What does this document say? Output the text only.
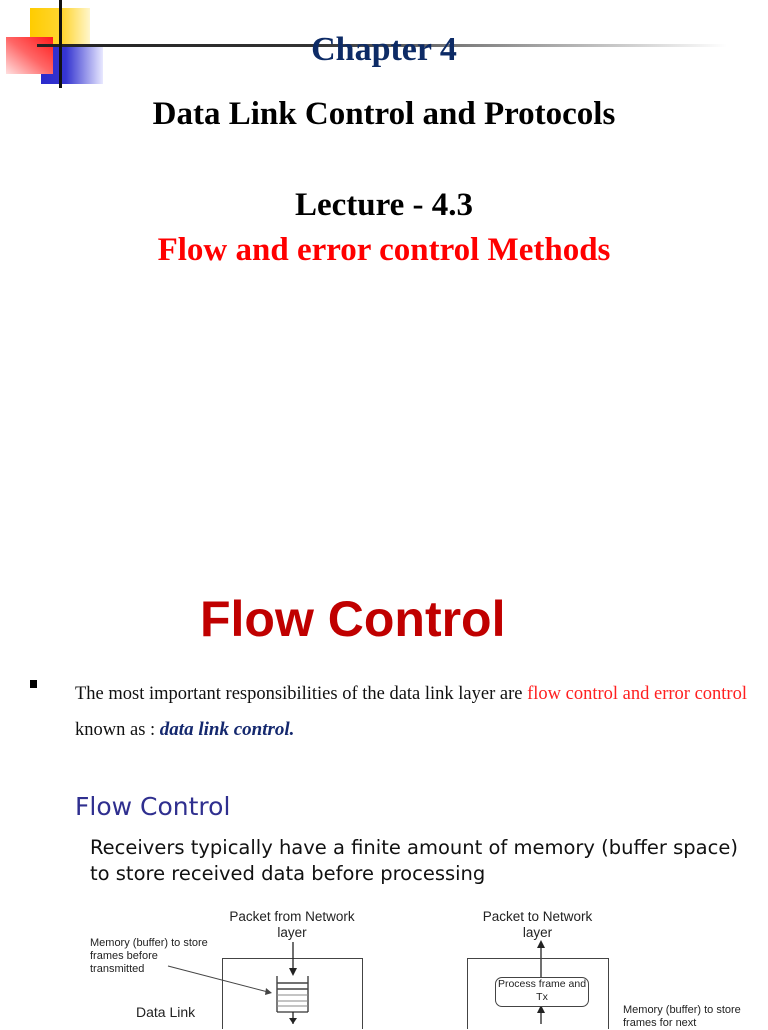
Chapter 4
Data Link Control and Protocols
Lecture - 4.3
Flow and error control Methods
Flow Control
The most important responsibilities of the data link layer are flow control and error control known as : data link control.
Flow Control
Receivers typically have a finite amount of memory (buffer space) to store received data before processing
Packet from Network layer
Memory (buffer) to store frames before transmitted
Data Link
Packet to Network layer
Process frame and Tx
Memory (buffer) to store frames for next
